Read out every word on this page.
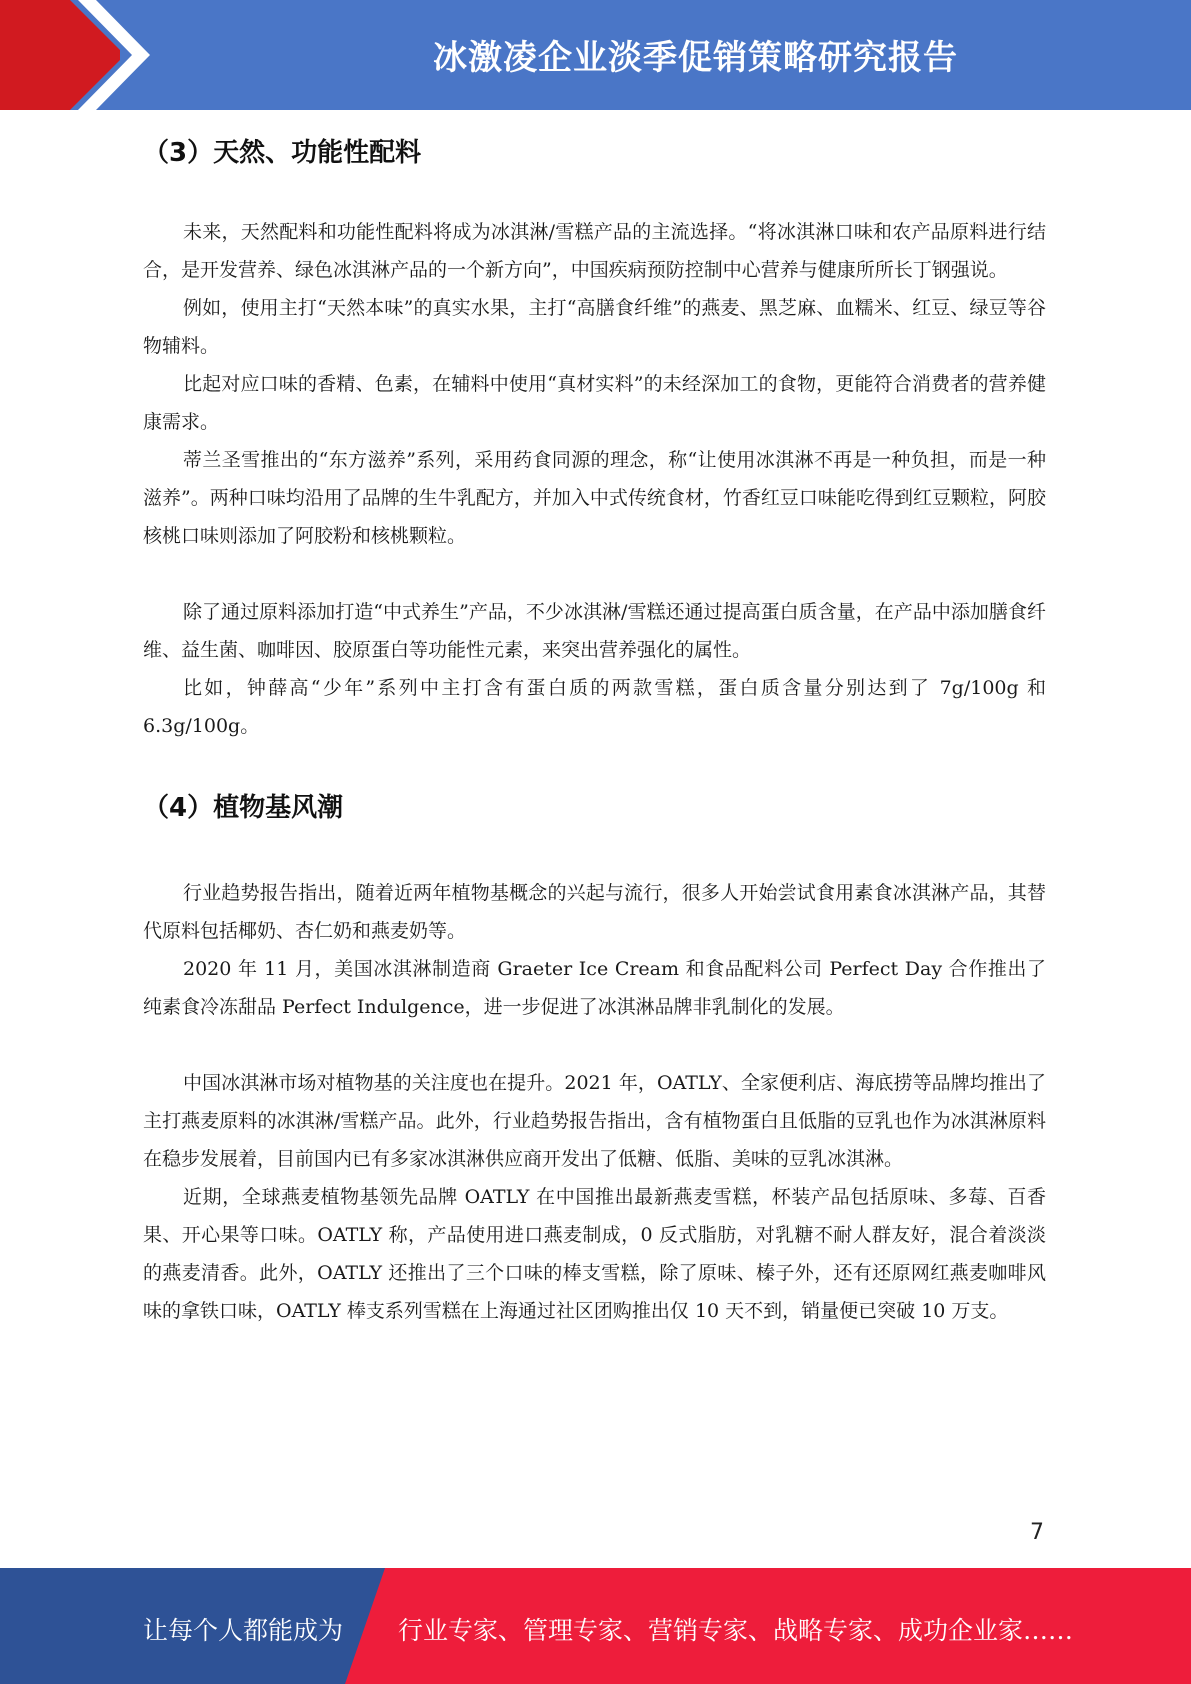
冰激凌企业淡季促销策略研究报告
（3）天然、功能性配料

未来，天然配料和功能性配料将成为冰淇淋/雪糕产品的主流选择。“将冰淇淋口味和农产品原料进行结合，是开发营养、绿色冰淇淋产品的一个新方向”，中国疾病预防控制中心营养与健康所所长丁钢强说。

例如，使用主打“天然本味”的真实水果，主打“高膳食纤维”的燕麦、黑芝麻、血糯米、红豆、绿豆等谷物辅料。

比起对应口味的香精、色素，在辅料中使用“真材实料”的未经深加工的食物，更能符合消费者的营养健康需求。

蒂兰圣雪推出的“东方滋养”系列，采用药食同源的理念，称“让使用冰淇淋不再是一种负担，而是一种滋养”。两种口味均沿用了品牌的生牛乳配方，并加入中式传统食材，竹香红豆口味能吃得到红豆颗粒，阿胶核桃口味则添加了阿胶粉和核桃颗粒。

除了通过原料添加打造“中式养生”产品，不少冰淇淋/雪糕还通过提高蛋白质含量，在产品中添加膳食纤维、益生菌、咖啡因、胶原蛋白等功能性元素，来突出营养强化的属性。

比如，钟薛高“少年”系列中主打含有蛋白质的两款雪糕，蛋白质含量分别达到了 7g/100g 和 6.3g/100g。

（4）植物基风潮

行业趋势报告指出，随着近两年植物基概念的兴起与流行，很多人开始尝试食用素食冰淇淋产品，其替代原料包括椰奶、杏仁奶和燕麦奶等。

2020 年 11 月，美国冰淇淋制造商 Graeter Ice Cream 和食品配料公司 Perfect Day 合作推出了纯素食冷冻甜品 Perfect Indulgence，进一步促进了冰淇淋品牌非乳制化的发展。

中国冰淇淋市场对植物基的关注度也在提升。2021 年，OATLY、全家便利店、海底捞等品牌均推出了主打燕麦原料的冰淇淋/雪糕产品。此外，行业趋势报告指出，含有植物蛋白且低脂的豆乳也作为冰淇淋原料在稳步发展着，目前国内已有多家冰淇淋供应商开发出了低糖、低脂、美味的豆乳冰淇淋。

近期，全球燕麦植物基领先品牌 OATLY 在中国推出最新燕麦雪糕，杯装产品包括原味、多莓、百香果、开心果等口味。OATLY 称，产品使用进口燕麦制成，0 反式脂肪，对乳糖不耐人群友好，混合着淡淡的燕麦清香。此外，OATLY 还推出了三个口味的棒支雪糕，除了原味、榛子外，还有还原网红燕麦咖啡风味的拿铁口味，OATLY 棒支系列雪糕在上海通过社区团购推出仅 10 天不到，销量便已突破 10 万支。

7
让每个人都能成为 行业专家、管理专家、营销专家、战略专家、成功企业家……
